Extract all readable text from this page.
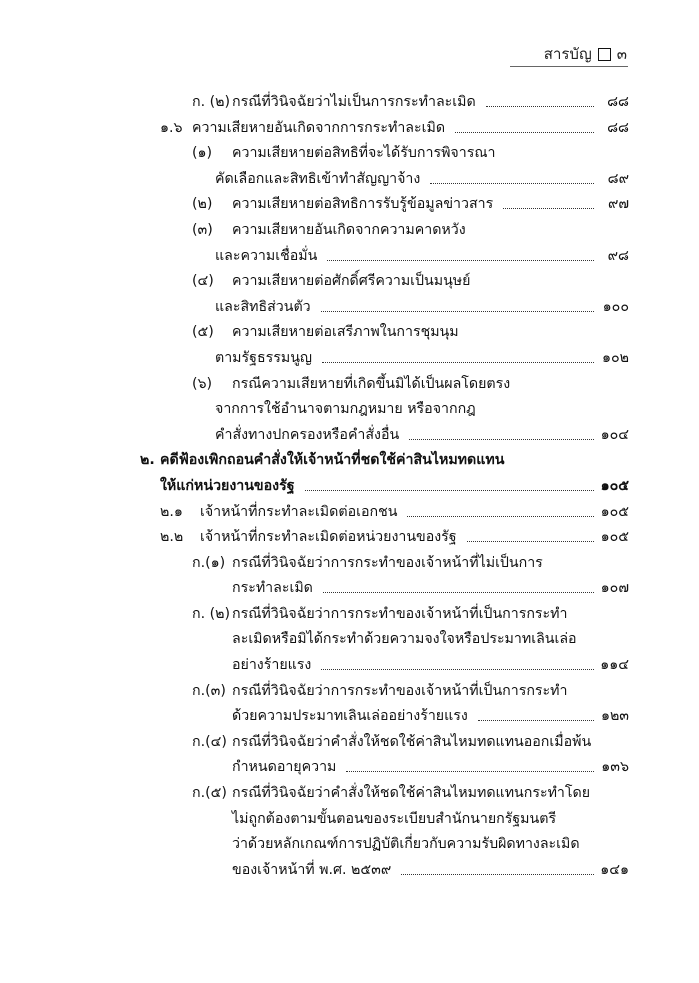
สารบัญ ๓
ก. (๒) กรณีที่วินิจฉัยว่าไม่เป็นการกระทำละเมิด	๘๘
๑.๖ ความเสียหายอันเกิดจากการกระทำละเมิด	๘๘
(๑) ความเสียหายต่อสิทธิที่จะได้รับการพิจารณา
คัดเลือกและสิทธิเข้าทำสัญญาจ้าง	๘๙
(๒) ความเสียหายต่อสิทธิการรับรู้ข้อมูลข่าวสาร	๙๗
(๓) ความเสียหายอันเกิดจากความคาดหวัง
และความเชื่อมั่น	๙๘
(๔) ความเสียหายต่อศักดิ์ศรีความเป็นมนุษย์
และสิทธิส่วนตัว	๑๐๐
(๕) ความเสียหายต่อเสรีภาพในการชุมนุม
ตามรัฐธรรมนูญ	๑๐๒
(๖) กรณีความเสียหายที่เกิดขึ้นมิได้เป็นผลโดยตรง
จากการใช้อำนาจตามกฎหมาย หรือจากกฎ
คำสั่งทางปกครองหรือคำสั่งอื่น	๑๐๔
๒. คดีฟ้องเพิกถอนคำสั่งให้เจ้าหน้าที่ชดใช้ค่าสินไหมทดแทน
ให้แก่หน่วยงานของรัฐ	๑๐๕
๒.๑ เจ้าหน้าที่กระทำละเมิดต่อเอกชน	๑๐๕
๒.๒ เจ้าหน้าที่กระทำละเมิดต่อหน่วยงานของรัฐ	๑๐๕
ก.(๑) กรณีที่วินิจฉัยว่าการกระทำของเจ้าหน้าที่ไม่เป็นการ
กระทำละเมิด	๑๐๗
ก. (๒) กรณีที่วินิจฉัยว่าการกระทำของเจ้าหน้าที่เป็นการกระทำ
ละเมิดหรือมิได้กระทำด้วยความจงใจหรือประมาทเลินเล่อ
อย่างร้ายแรง	๑๑๔
ก.(๓) กรณีที่วินิจฉัยว่าการกระทำของเจ้าหน้าที่เป็นการกระทำ
ด้วยความประมาทเลินเล่ออย่างร้ายแรง	๑๒๓
ก.(๔) กรณีที่วินิจฉัยว่าคำสั่งให้ชดใช้ค่าสินไหมทดแทนออกเมื่อพ้น
กำหนดอายุความ	๑๓๖
ก.(๕) กรณีที่วินิจฉัยว่าคำสั่งให้ชดใช้ค่าสินไหมทดแทนกระทำโดย
ไม่ถูกต้องตามขั้นตอนของระเบียบสำนักนายกรัฐมนตรี
ว่าด้วยหลักเกณฑ์การปฏิบัติเกี่ยวกับความรับผิดทางละเมิด
ของเจ้าหน้าที่ พ.ศ. ๒๕๓๙	๑๔๑
